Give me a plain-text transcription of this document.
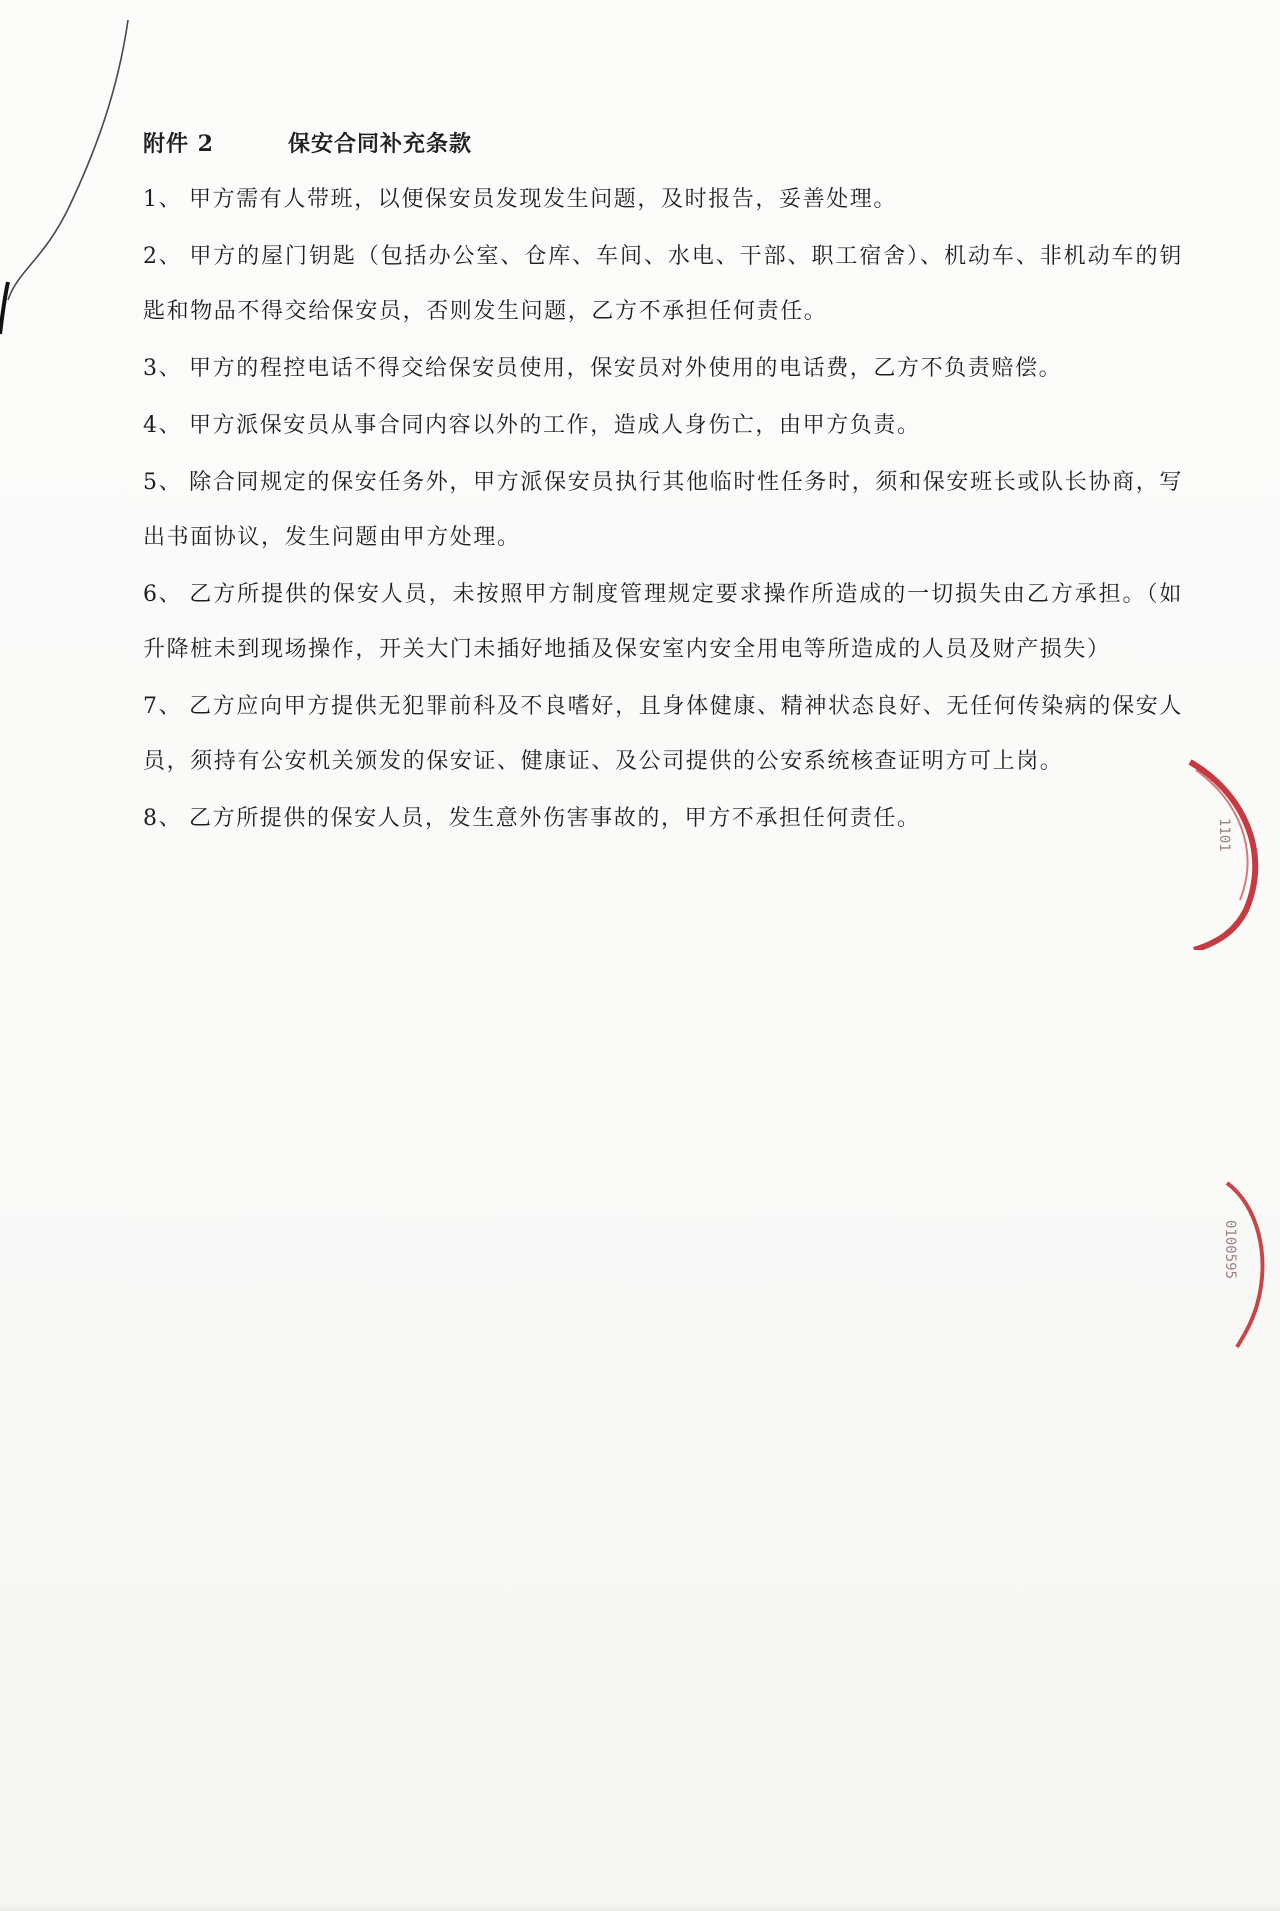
附件 2	保安合同补充条款
1、 甲方需有人带班，以便保安员发现发生问题，及时报告，妥善处理。
2、 甲方的屋门钥匙（包括办公室、仓库、车间、水电、干部、职工宿舍）、机动车、非机动车的钥匙和物品不得交给保安员，否则发生问题，乙方不承担任何责任。
3、 甲方的程控电话不得交给保安员使用，保安员对外使用的电话费，乙方不负责赔偿。
4、 甲方派保安员从事合同内容以外的工作，造成人身伤亡，由甲方负责。
5、 除合同规定的保安任务外，甲方派保安员执行其他临时性任务时，须和保安班长或队长协商，写出书面协议，发生问题由甲方处理。
6、 乙方所提供的保安人员，未按照甲方制度管理规定要求操作所造成的一切损失由乙方承担。（如升降桩未到现场操作，开关大门未插好地插及保安室内安全用电等所造成的人员及财产损失）
7、 乙方应向甲方提供无犯罪前科及不良嗜好，且身体健康、精神状态良好、无任何传染病的保安人员，须持有公安机关颁发的保安证、健康证、及公司提供的公安系统核查证明方可上岗。
8、 乙方所提供的保安人员，发生意外伤害事故的，甲方不承担任何责任。	1101
0100595
